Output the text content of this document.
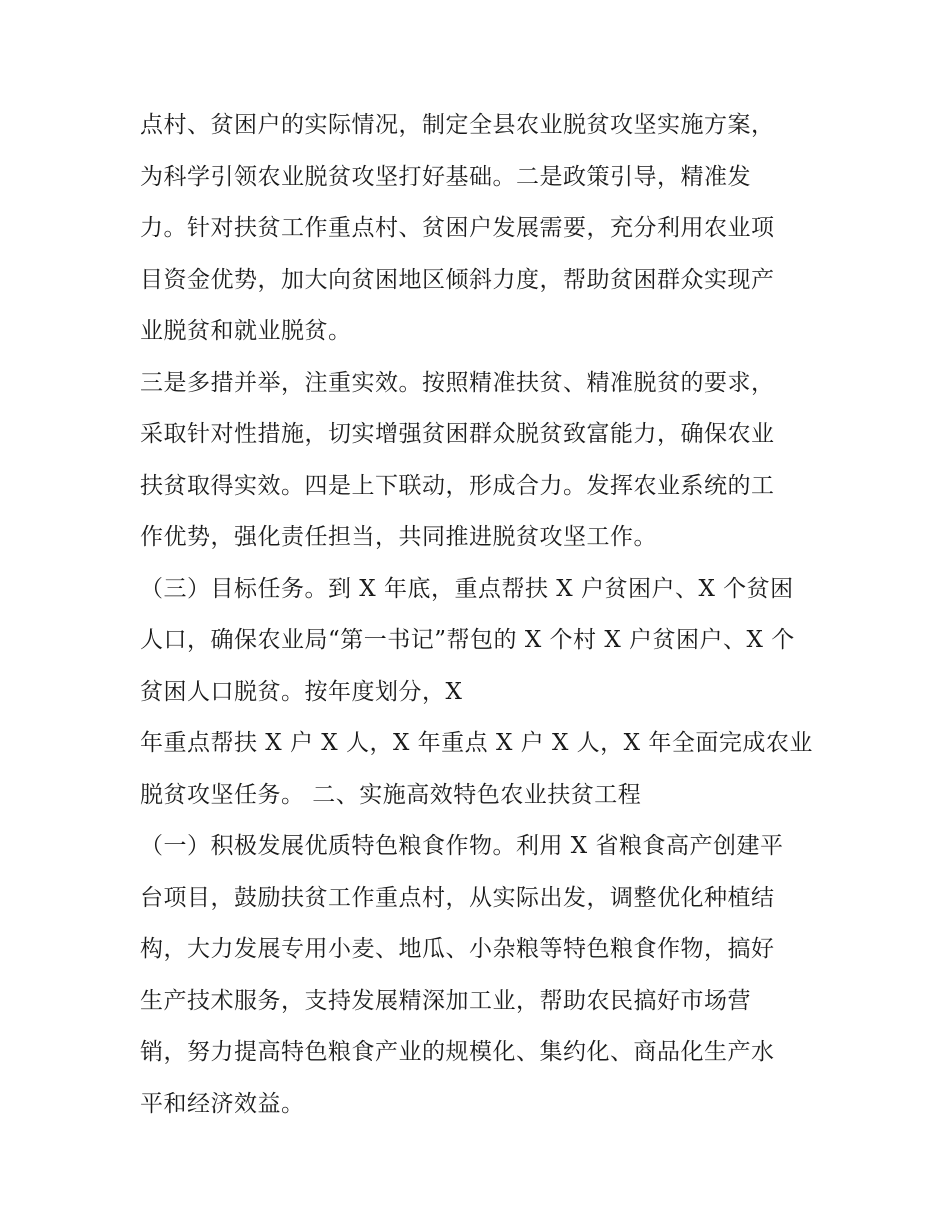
点村、贫困户的实际情况，制定全县农业脱贫攻坚实施方案，
为科学引领农业脱贫攻坚打好基础。二是政策引导，精准发
力。针对扶贫工作重点村、贫困户发展需要，充分利用农业项
目资金优势，加大向贫困地区倾斜力度，帮助贫困群众实现产
业脱贫和就业脱贫。
三是多措并举，注重实效。按照精准扶贫、精准脱贫的要求，
采取针对性措施，切实增强贫困群众脱贫致富能力，确保农业
扶贫取得实效。四是上下联动，形成合力。发挥农业系统的工
作优势，强化责任担当，共同推进脱贫攻坚工作。
（三）目标任务。到 X 年底，重点帮扶 X 户贫困户、X 个贫困
人口，确保农业局“第一书记”帮包的 X 个村 X 户贫困户、X 个
贫困人口脱贫。按年度划分，X
年重点帮扶 X 户 X 人，X 年重点 X 户 X 人，X 年全面完成农业
脱贫攻坚任务。 二、实施高效特色农业扶贫工程
（一）积极发展优质特色粮食作物。利用 X 省粮食高产创建平
台项目，鼓励扶贫工作重点村，从实际出发，调整优化种植结
构，大力发展专用小麦、地瓜、小杂粮等特色粮食作物，搞好
生产技术服务，支持发展精深加工业，帮助农民搞好市场营
销，努力提高特色粮食产业的规模化、集约化、商品化生产水
平和经济效益。
